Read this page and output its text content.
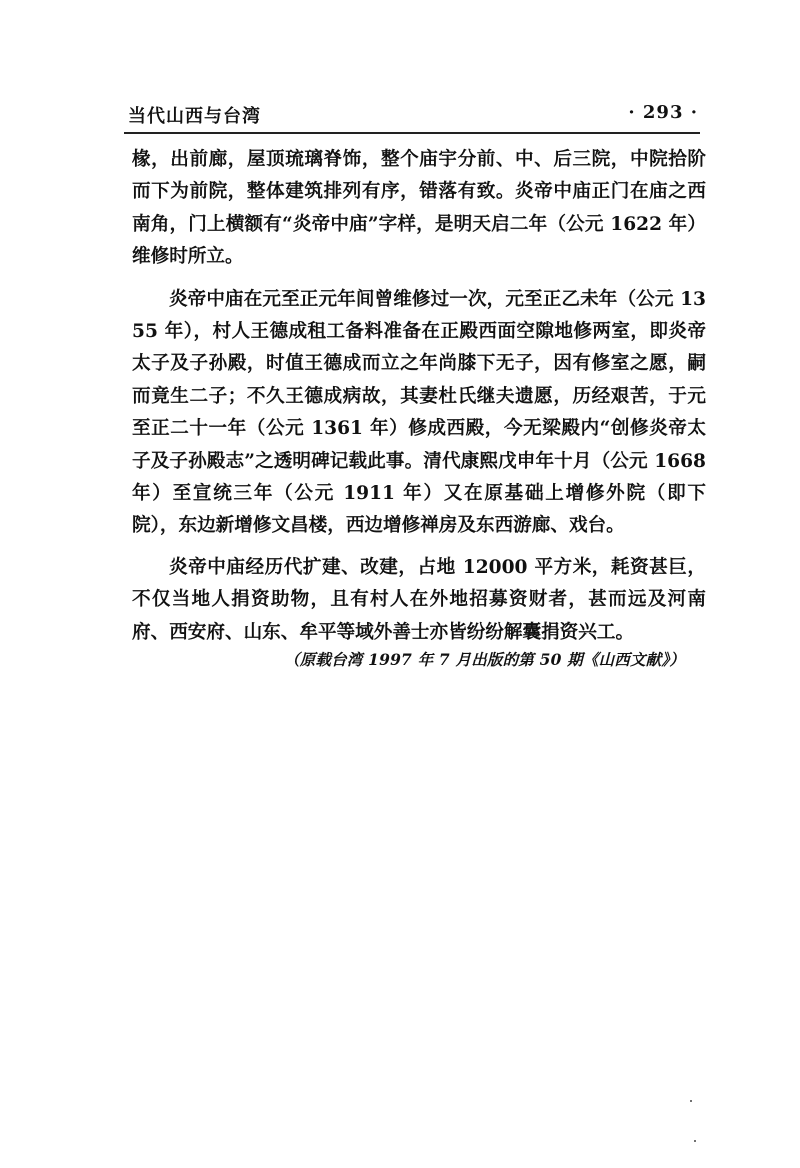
当代山西与台湾	· 293 ·

椽，出前廊，屋顶琉璃脊饰，整个庙宇分前、中、后三院，中院拾阶而下为前院，整体建筑排列有序，错落有致。炎帝中庙正门在庙之西南角，门上横额有“炎帝中庙”字样，是明天启二年（公元 1622 年）维修时所立。

炎帝中庙在元至正元年间曾维修过一次，元至正乙未年（公元 1355 年），村人王德成租工备料准备在正殿西面空隙地修两室，即炎帝太子及子孙殿，时值王德成而立之年尚膝下无子，因有修室之愿，嗣而竟生二子；不久王德成病故，其妻杜氏继夫遗愿，历经艰苦，于元至正二十一年（公元 1361 年）修成西殿，今无梁殿内“创修炎帝太子及子孙殿志”之透明碑记载此事。清代康熙戊申年十月（公元 1668 年）至宣统三年（公元 1911 年）又在原基础上增修外院（即下院），东边新增修文昌楼，西边增修禅房及东西游廊、戏台。

炎帝中庙经历代扩建、改建，占地 12000 平方米，耗资甚巨，不仅当地人捐资助物，且有村人在外地招募资财者，甚而远及河南府、西安府、山东、牟平等域外善士亦皆纷纷解囊捐资兴工。

（原载台湾 1997 年 7 月出版的第 50 期《山西文献》）
